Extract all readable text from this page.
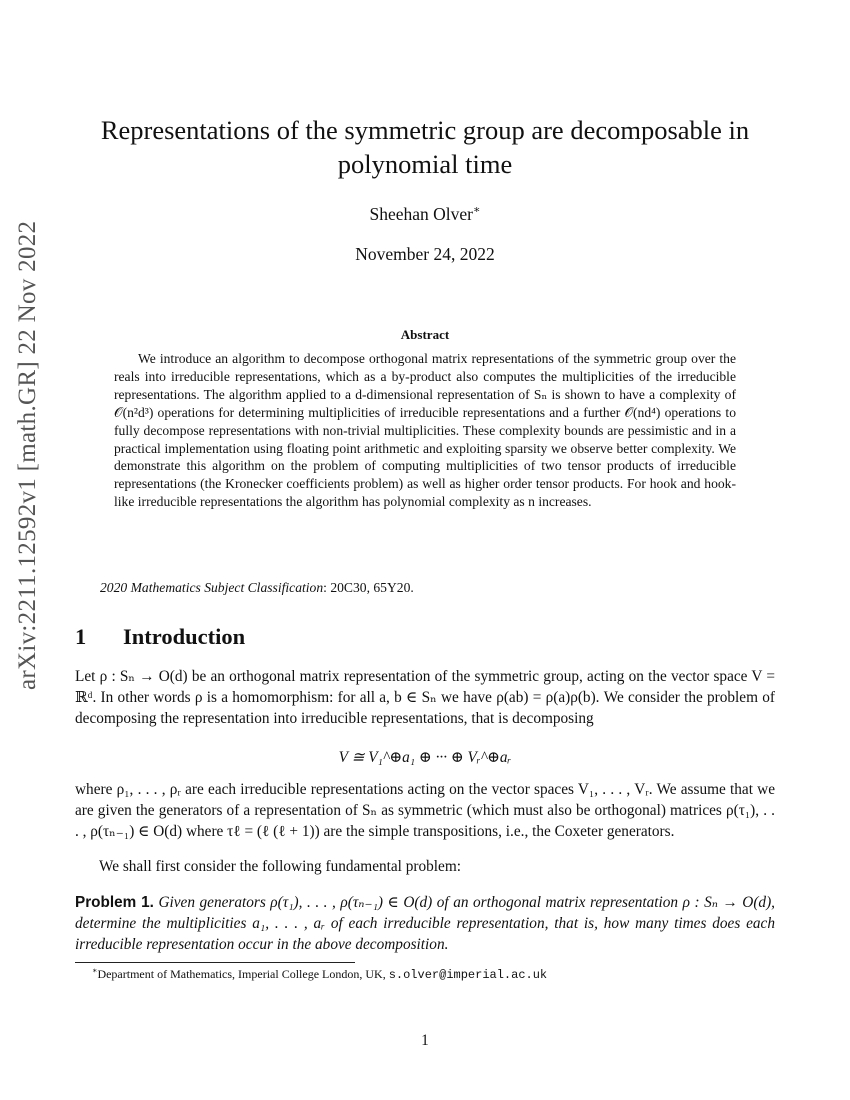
arXiv:2211.12592v1 [math.GR] 22 Nov 2022
Representations of the symmetric group are decomposable in
polynomial time
Sheehan Olver∗
November 24, 2022
Abstract

We introduce an algorithm to decompose orthogonal matrix representations of the symmetric group over the reals into irreducible representations, which as a by-product also computes the multiplicities of the irreducible representations. The algorithm applied to a d-dimensional representation of Sₙ is shown to have a complexity of 𝒪(n²d³) operations for determining multiplicities of irreducible representations and a further 𝒪(nd⁴) operations to fully decompose representations with non-trivial multiplicities. These complexity bounds are pessimistic and in a practical implementation using floating point arithmetic and exploiting sparsity we observe better complexity. We demonstrate this algorithm on the problem of computing multiplicities of two tensor products of irreducible representations (the Kronecker coefficients problem) as well as higher order tensor products. For hook and hook-like irreducible representations the algorithm has polynomial complexity as n increases.

2020 Mathematics Subject Classification: 20C30, 65Y20.
1 Introduction

Let ρ : Sₙ → O(d) be an orthogonal matrix representation of the symmetric group, acting on the vector space V = ℝᵈ. In other words ρ is a homomorphism: for all a, b ∈ Sₙ we have ρ(ab) = ρ(a)ρ(b). We consider the problem of decomposing the representation into irreducible representations, that is decomposing

V ≅ V₁^⊕a₁ ⊕ ··· ⊕ Vᵣ^⊕aᵣ

where ρ₁, . . . , ρᵣ are each irreducible representations acting on the vector spaces V₁, . . . , Vᵣ. We assume that we are given the generators of a representation of Sₙ as symmetric (which must also be orthogonal) matrices ρ(τ₁), . . . , ρ(τₙ₋₁) ∈ O(d) where τℓ = (ℓ (ℓ + 1)) are the simple transpositions, i.e., the Coxeter generators.

We shall first consider the following fundamental problem:

Problem 1. Given generators ρ(τ₁), . . . , ρ(τₙ₋₁) ∈ O(d) of an orthogonal matrix representation ρ : Sₙ → O(d), determine the multiplicities a₁, . . . , aᵣ of each irreducible representation, that is, how many times does each irreducible representation occur in the above decomposition.

∗Department of Mathematics, Imperial College London, UK, s.olver@imperial.ac.uk
1
